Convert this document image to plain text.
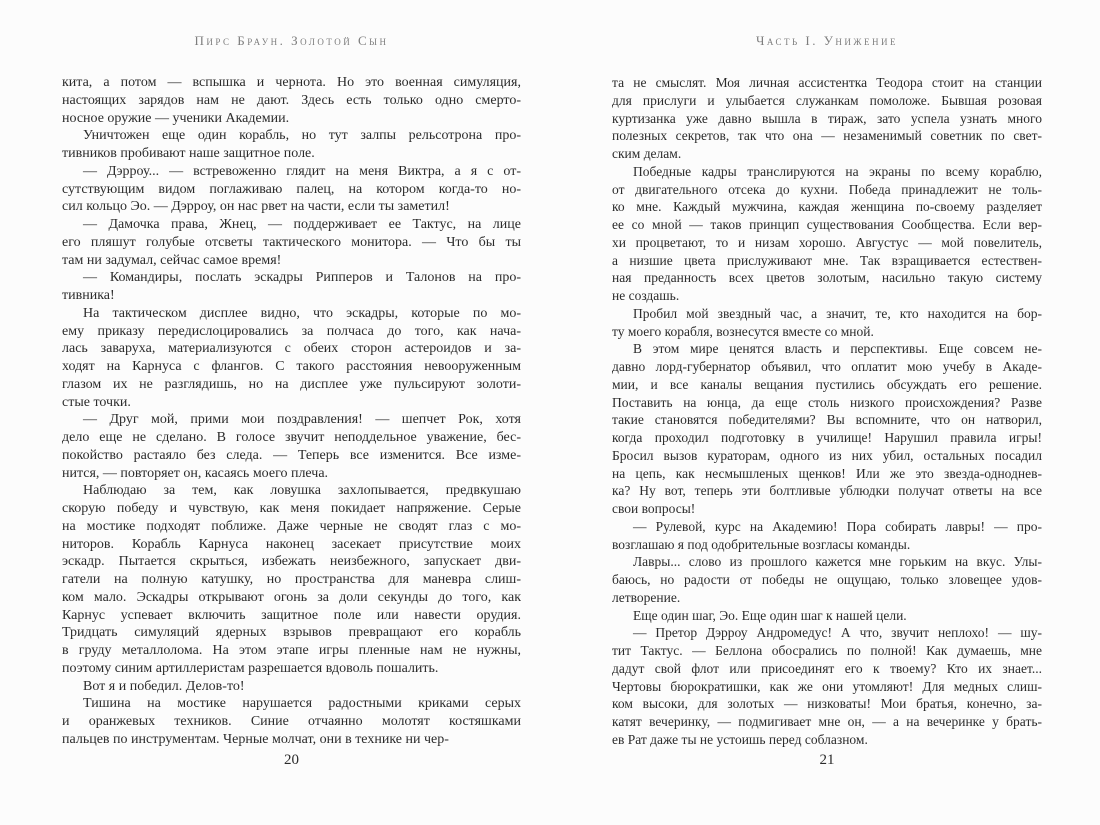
Пирс Браун. Золотой Сын	Часть I. Унижение
кита, а потом — вспышка и чернота. Но это военная симуляция,
настоящих зарядов нам не дают. Здесь есть только одно смерто-
носное оружие — ученики Академии.
Уничтожен еще один корабль, но тут залпы рельсотрона про-
тивников пробивают наше защитное поле.
— Дэрроу... — встревоженно глядит на меня Виктра, а я с от-
сутствующим видом поглаживаю палец, на котором когда-то но-
сил кольцо Эо. — Дэрроу, он нас рвет на части, если ты заметил!
— Дамочка права, Жнец, — поддерживает ее Тактус, на лице
его пляшут голубые отсветы тактического монитора. — Что бы ты
там ни задумал, сейчас самое время!
— Командиры, послать эскадры Рипперов и Талонов на про-
тивника!
На тактическом дисплее видно, что эскадры, которые по мо-
ему приказу передислоцировались за полчаса до того, как нача-
лась заваруха, материализуются с обеих сторон астероидов и за-
ходят на Карнуса с флангов. С такого расстояния невооруженным
глазом их не разглядишь, но на дисплее уже пульсируют золоти-
стые точки.
— Друг мой, прими мои поздравления! — шепчет Рок, хотя
дело еще не сделано. В голосе звучит неподдельное уважение, бес-
покойство растаяло без следа. — Теперь все изменится. Все изме-
нится, — повторяет он, касаясь моего плеча.
Наблюдаю за тем, как ловушка захлопывается, предвкушаю
скорую победу и чувствую, как меня покидает напряжение. Серые
на мостике подходят поближе. Даже черные не сводят глаз с мо-
ниторов. Корабль Карнуса наконец засекает присутствие моих
эскадр. Пытается скрыться, избежать неизбежного, запускает дви-
гатели на полную катушку, но пространства для маневра слиш-
ком мало. Эскадры открывают огонь за доли секунды до того, как
Карнус успевает включить защитное поле или навести орудия.
Тридцать симуляций ядерных взрывов превращают его корабль
в груду металлолома. На этом этапе игры пленные нам не нужны,
поэтому синим артиллеристам разрешается вдоволь пошалить.
Вот я и победил. Делов-то!
Тишина на мостике нарушается радостными криками серых
и оранжевых техников. Синие отчаянно молотят костяшками
пальцев по инструментам. Черные молчат, они в технике ни чер-
та не смыслят. Моя личная ассистентка Теодора стоит на станции
для прислуги и улыбается служанкам помоложе. Бывшая розовая
куртизанка уже давно вышла в тираж, зато успела узнать много
полезных секретов, так что она — незаменимый советник по свет-
ским делам.
Победные кадры транслируются на экраны по всему кораблю,
от двигательного отсека до кухни. Победа принадлежит не толь-
ко мне. Каждый мужчина, каждая женщина по-своему разделяет
ее со мной — таков принцип существования Сообщества. Если вер-
хи процветают, то и низам хорошо. Августус — мой повелитель,
а низшие цвета прислуживают мне. Так взращивается естествен-
ная преданность всех цветов золотым, насильно такую систему
не создашь.
Пробил мой звездный час, а значит, те, кто находится на бор-
ту моего корабля, вознесутся вместе со мной.
В этом мире ценятся власть и перспективы. Еще совсем не-
давно лорд-губернатор объявил, что оплатит мою учебу в Акаде-
мии, и все каналы вещания пустились обсуждать его решение.
Поставить на юнца, да еще столь низкого происхождения? Разве
такие становятся победителями? Вы вспомните, что он натворил,
когда проходил подготовку в училище! Нарушил правила игры!
Бросил вызов кураторам, одного из них убил, остальных посадил
на цепь, как несмышленых щенков! Или же это звезда-одноднев-
ка? Ну вот, теперь эти болтливые ублюдки получат ответы на все
свои вопросы!
— Рулевой, курс на Академию! Пора собирать лавры! — про-
возглашаю я под одобрительные возгласы команды.
Лавры... слово из прошлого кажется мне горьким на вкус. Улы-
баюсь, но радости от победы не ощущаю, только зловещее удов-
летворение.
Еще один шаг, Эо. Еще один шаг к нашей цели.
— Претор Дэрроу Андромедус! А что, звучит неплохо! — шу-
тит Тактус. — Беллона обосрались по полной! Как думаешь, мне
дадут свой флот или присоединят его к твоему? Кто их знает...
Чертовы бюрократишки, как же они утомляют! Для медных слиш-
ком высоки, для золотых — низковаты! Мои братья, конечно, за-
катят вечеринку, — подмигивает мне он, — а на вечеринке у брать-
ев Рат даже ты не устоишь перед соблазном.
20	21
